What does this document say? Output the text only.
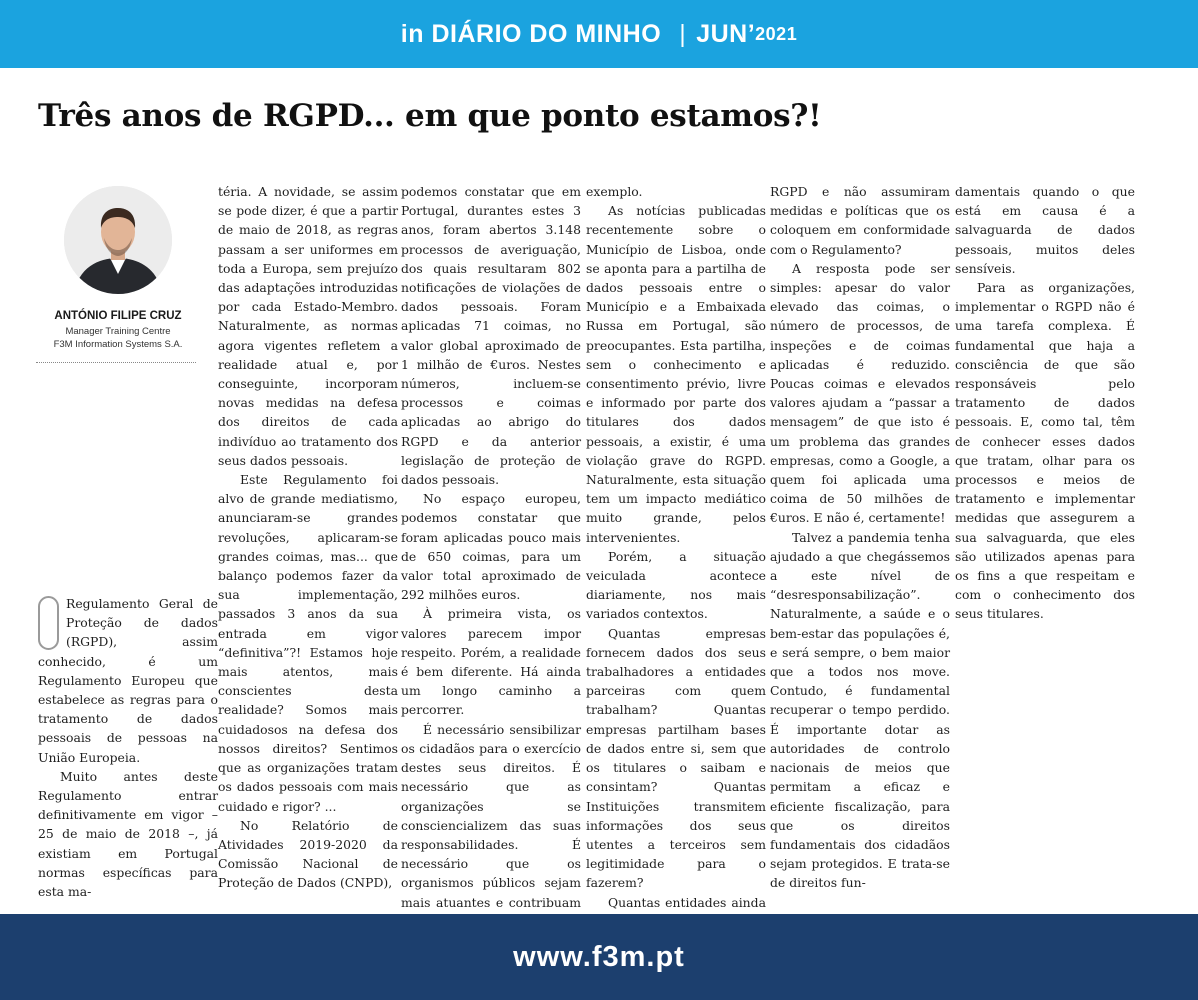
in DIÁRIO DO MINHO | JUN’ 2021
Três anos de RGPD... em que ponto estamos?!
ANTÓNIO FILIPE CRUZ
Manager Training Centre
F3M Information Systems S.A.

Regulamento Geral de Proteção de dados (RGPD), assim conhecido, é um Regulamento Europeu que estabelece as regras para o tratamento de dados pessoais de pessoas na União Europeia.

Muito antes deste Regulamento entrar definitivamente em vigor – 25 de maio de 2018 –, já existiam em Portugal normas específicas para esta ma-

téria. A novidade, se assim se pode dizer, é que a partir de maio de 2018, as regras passam a ser uniformes em toda a Europa, sem prejuízo das adaptações introduzidas por cada Estado-Membro. Naturalmente, as normas agora vigentes refletem a realidade atual e, por conseguinte, incorporam novas medidas na defesa dos direitos de cada indivíduo ao tratamento dos seus dados pessoais.

Este Regulamento foi alvo de grande mediatismo, anunciaram-se grandes revoluções, aplicaram-se grandes coimas, mas... que balanço podemos fazer da sua implementação, passados 3 anos da sua entrada em vigor “definitiva”?! Estamos hoje mais atentos, mais conscientes desta realidade? Somos mais cuidadosos na defesa dos nossos direitos? Sentimos que as organizações tratam os dados pessoais com mais cuidado e rigor? ...

No Relatório de Atividades 2019-2020 da Comissão Nacional de Proteção de Dados (CNPD),

podemos constatar que em Portugal, durantes estes 3 anos, foram abertos 3.148 processos de averiguação, dos quais resultaram 802 notificações de violações de dados pessoais. Foram aplicadas 71 coimas, no valor global aproximado de 1 milhão de €uros. Nestes números, incluem-se processos e coimas aplicadas ao abrigo do RGPD e da anterior legislação de proteção de dados pessoais.

No espaço europeu, podemos constatar que foram aplicadas pouco mais de 650 coimas, para um valor total aproximado de 292 milhões euros.

À primeira vista, os valores parecem impor respeito. Porém, a realidade é bem diferente. Há ainda um longo caminho a percorrer.

É necessário sensibilizar os cidadãos para o exercício destes seus direitos. É necessário que as organizações se consciencializem das suas responsabilidades. É necessário que os organismos públicos sejam mais atuantes e contribuam

exemplo.

As notícias publicadas recentemente sobre o Município de Lisboa, onde se aponta para a partilha de dados pessoais entre o Município e a Embaixada Russa em Portugal, são preocupantes. Esta partilha, sem o conhecimento e consentimento prévio, livre e informado por parte dos titulares dos dados pessoais, a existir, é uma violação grave do RGPD. Naturalmente, esta situação tem um impacto mediático muito grande, pelos intervenientes.

Porém, a situação veiculada acontece diariamente, nos mais variados contextos.

Quantas empresas fornecem dados dos seus trabalhadores a entidades parceiras com quem trabalham? Quantas empresas partilham bases de dados entre si, sem que os titulares o saibam e consintam? Quantas Instituições transmitem informações dos seus utentes a terceiros sem legitimidade para o fazerem?

Quantas entidades ainda

RGPD e não assumiram medidas e políticas que os coloquem em conformidade com o Regulamento?

A resposta pode ser simples: apesar do valor elevado das coimas, o número de processos, de inspeções e de coimas aplicadas é reduzido. Poucas coimas e elevados valores ajudam a “passar a mensagem” de que isto é um problema das grandes empresas, como a Google, a quem foi aplicada uma coima de 50 milhões de €uros. E não é, certamente!

Talvez a pandemia tenha ajudado a que chegássemos a este nível de “desresponsabilização”. Naturalmente, a saúde e o bem-estar das populações é, e será sempre, o bem maior que a todos nos move. Contudo, é fundamental recuperar o tempo perdido. É importante dotar as autoridades de controlo nacionais de meios que permitam a eficaz e eficiente fiscalização, para que os direitos fundamentais dos cidadãos sejam protegidos. E trata-se de direitos fun-

damentais quando o que está em causa é a salvaguarda de dados pessoais, muitos deles sensíveis.

Para as organizações, implementar o RGPD não é uma tarefa complexa. É fundamental que haja a consciência de que são responsáveis pelo tratamento de dados pessoais. E, como tal, têm de conhecer esses dados que tratam, olhar para os processos e meios de tratamento e implementar medidas que assegurem a sua salvaguarda, que eles são utilizados apenas para os fins a que respeitam e com o conhecimento dos seus titulares.

www.f3m.pt
